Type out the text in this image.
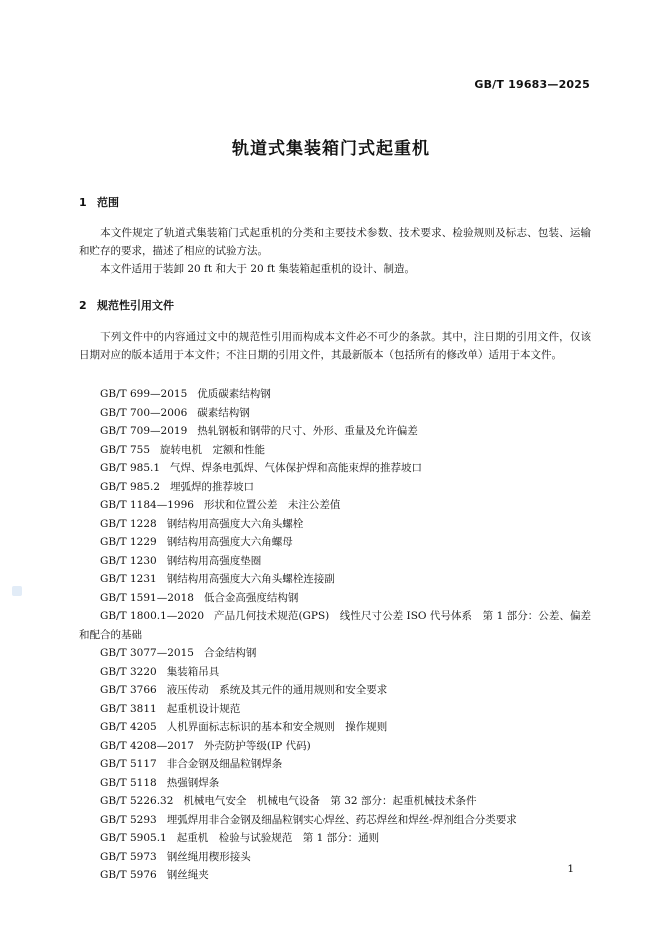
GB/T 19683—2025
轨道式集装箱门式起重机
1 范围
本文件规定了轨道式集装箱门式起重机的分类和主要技术参数、技术要求、检验规则及标志、包装、运输和贮存的要求，描述了相应的试验方法。
本文件适用于装卸 20 ft 和大于 20 ft 集装箱起重机的设计、制造。
2 规范性引用文件
下列文件中的内容通过文中的规范性引用而构成本文件必不可少的条款。其中，注日期的引用文件，仅该日期对应的版本适用于本文件；不注日期的引用文件，其最新版本（包括所有的修改单）适用于本文件。
GB/T 699—2015 优质碳素结构钢
GB/T 700—2006 碳素结构钢
GB/T 709—2019 热轧钢板和钢带的尺寸、外形、重量及允许偏差
GB/T 755 旋转电机　定额和性能
GB/T 985.1 气焊、焊条电弧焊、气体保护焊和高能束焊的推荐坡口
GB/T 985.2 埋弧焊的推荐坡口
GB/T 1184—1996 形状和位置公差　未注公差值
GB/T 1228 钢结构用高强度大六角头螺栓
GB/T 1229 钢结构用高强度大六角螺母
GB/T 1230 钢结构用高强度垫圈
GB/T 1231 钢结构用高强度大六角头螺栓连接副
GB/T 1591—2018 低合金高强度结构钢
GB/T 1800.1—2020 产品几何技术规范(GPS)　线性尺寸公差 ISO 代号体系　第 1 部分：公差、偏差和配合的基础
GB/T 3077—2015 合金结构钢
GB/T 3220 集装箱吊具
GB/T 3766 液压传动　系统及其元件的通用规则和安全要求
GB/T 3811 起重机设计规范
GB/T 4205 人机界面标志标识的基本和安全规则　操作规则
GB/T 4208—2017 外壳防护等级(IP 代码)
GB/T 5117 非合金钢及细晶粒钢焊条
GB/T 5118 热强钢焊条
GB/T 5226.32 机械电气安全　机械电气设备　第 32 部分：起重机械技术条件
GB/T 5293 埋弧焊用非合金钢及细晶粒钢实心焊丝、药芯焊丝和焊丝-焊剂组合分类要求
GB/T 5905.1 起重机　检验与试验规范　第 1 部分：通则
GB/T 5973 钢丝绳用楔形接头
GB/T 5976 钢丝绳夹	1
